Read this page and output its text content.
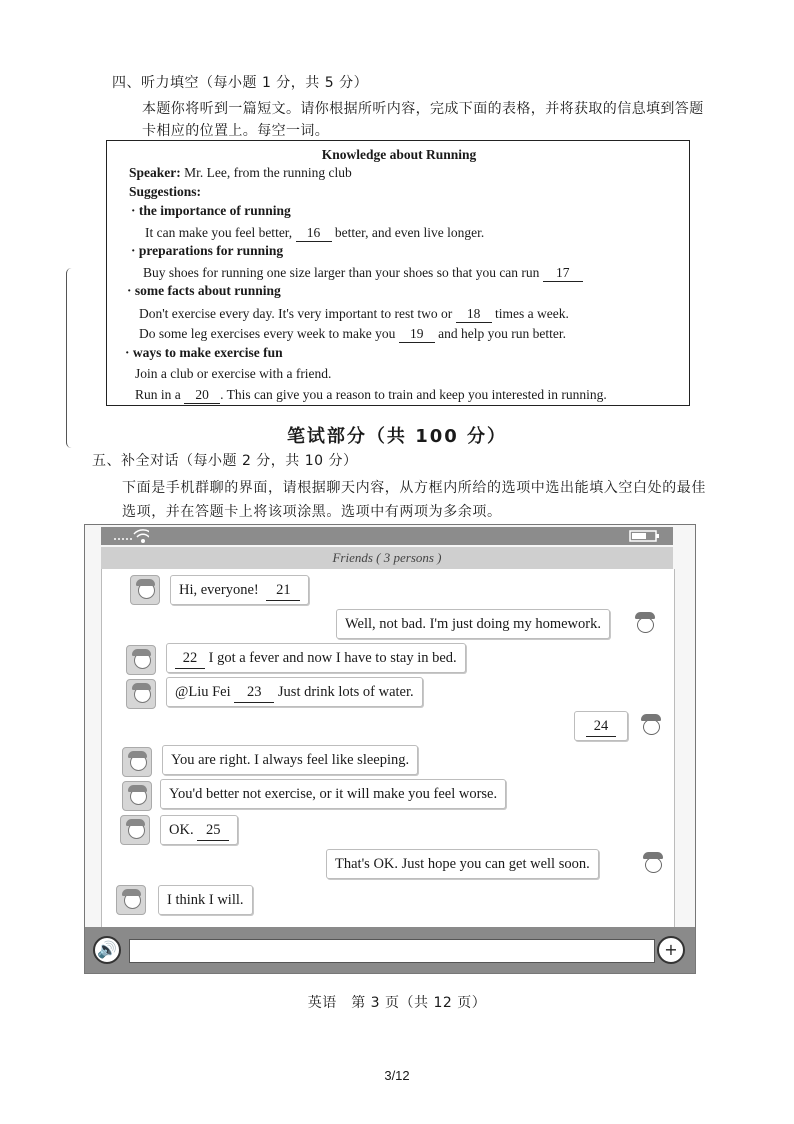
四、听力填空（每小题 1 分，共 5 分）
本题你将听到一篇短文。请你根据所听内容，完成下面的表格，并将获取的信息填到答题卡相应的位置上。每空一词。
Knowledge about Running
Speaker: Mr. Lee, from the running club
Suggestions:
· the importance of running
It can make you feel better, 16 better, and even live longer.
· preparations for running
Buy shoes for running one size larger than your shoes so that you can run 17
· some facts about running
Don't exercise every day. It's very important to rest two or 18 times a week.
Do some leg exercises every week to make you 19 and help you run better.
· ways to make exercise fun
Join a club or exercise with a friend.
Run in a 20 . This can give you a reason to train and keep you interested in running.
笔试部分（共 100 分）
五、补全对话（每小题 2 分，共 10 分）
下面是手机群聊的界面，请根据聊天内容，从方框内所给的选项中选出能填入空白处的最佳选项，并在答题卡上将该项涂黑。选项中有两项为多余项。
Friends ( 3 persons )
Hi, everyone! 21
Well, not bad. I'm just doing my homework.
22 I got a fever and now I have to stay in bed.
@Liu Fei 23 Just drink lots of water.
24
You are right. I always feel like sleeping.
You'd better not exercise, or it will make you feel worse.
OK. 25
That's OK. Just hope you can get well soon.
I think I will.
🔊	+
英语　第 3 页（共 12 页）
3/12
